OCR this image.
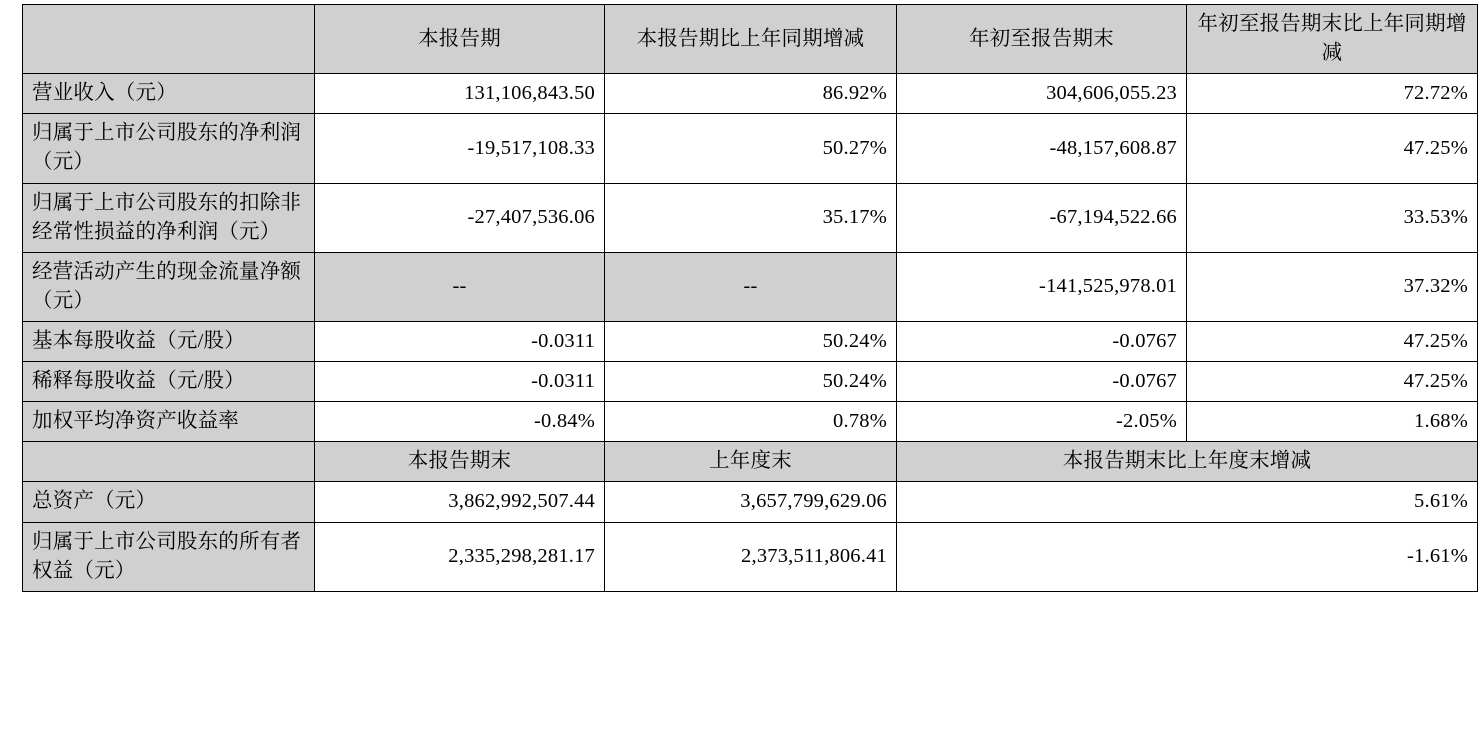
	本报告期	本报告期比上年同期增减	年初至报告期末	年初至报告期末比上年同期增减
营业收入（元）	131,106,843.50	86.92%	304,606,055.23	72.72%
归属于上市公司股东的净利润（元）	-19,517,108.33	50.27%	-48,157,608.87	47.25%
归属于上市公司股东的扣除非经常性损益的净利润（元）	-27,407,536.06	35.17%	-67,194,522.66	33.53%
经营活动产生的现金流量净额（元）	--	--	-141,525,978.01	37.32%
基本每股收益（元/股）	-0.0311	50.24%	-0.0767	47.25%
稀释每股收益（元/股）	-0.0311	50.24%	-0.0767	47.25%
加权平均净资产收益率	-0.84%	0.78%	-2.05%	1.68%
	本报告期末	上年度末	本报告期末比上年度末增减	
总资产（元）	3,862,992,507.44	3,657,799,629.06	5.61%	
归属于上市公司股东的所有者权益（元）	2,335,298,281.17	2,373,511,806.41	-1.61%	
